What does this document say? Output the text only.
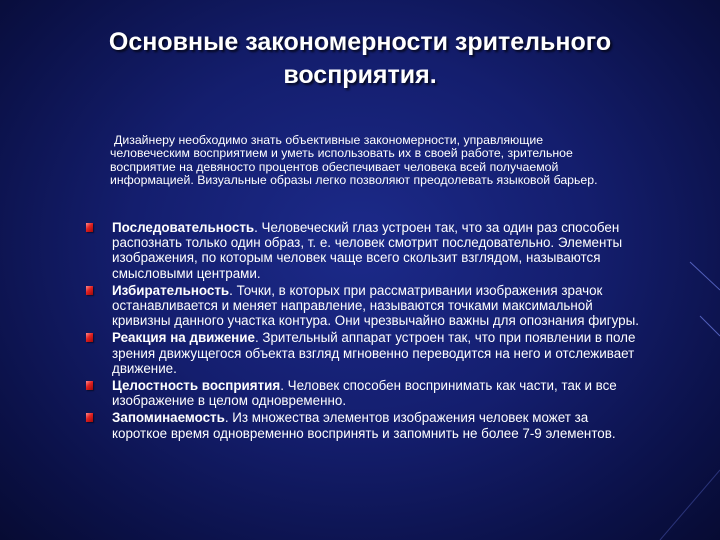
Основные закономерности зрительного восприятия.
Дизайнеру необходимо знать объективные закономерности, управляющие человеческим восприятием и уметь использовать их в своей работе, зрительное восприятие на девяносто процентов обеспечивает человека всей получаемой информацией. Визуальные образы легко позволяют преодолевать языковой барьер.
Последовательность. Человеческий глаз устроен так, что за один раз способен распознать только один образ, т. е. человек смотрит последовательно. Элементы изображения, по которым человек чаще всего скользит взглядом, называются смысловыми центрами.
Избирательность. Точки, в которых при рассматривании изображения зрачок останавливается и меняет направление, называются точками максимальной кривизны данного участка контура. Они чрезвычайно важны для опознания фигуры.
Реакция на движение. Зрительный аппарат устроен так, что при появлении в поле зрения движущегося объекта взгляд мгновенно переводится на него и отслеживает движение.
Целостность восприятия. Человек способен воспринимать как части, так и все изображение в целом одновременно.
Запоминаемость. Из множества элементов изображения человек может за короткое время одновременно воспринять и запомнить не более 7-9 элементов.
